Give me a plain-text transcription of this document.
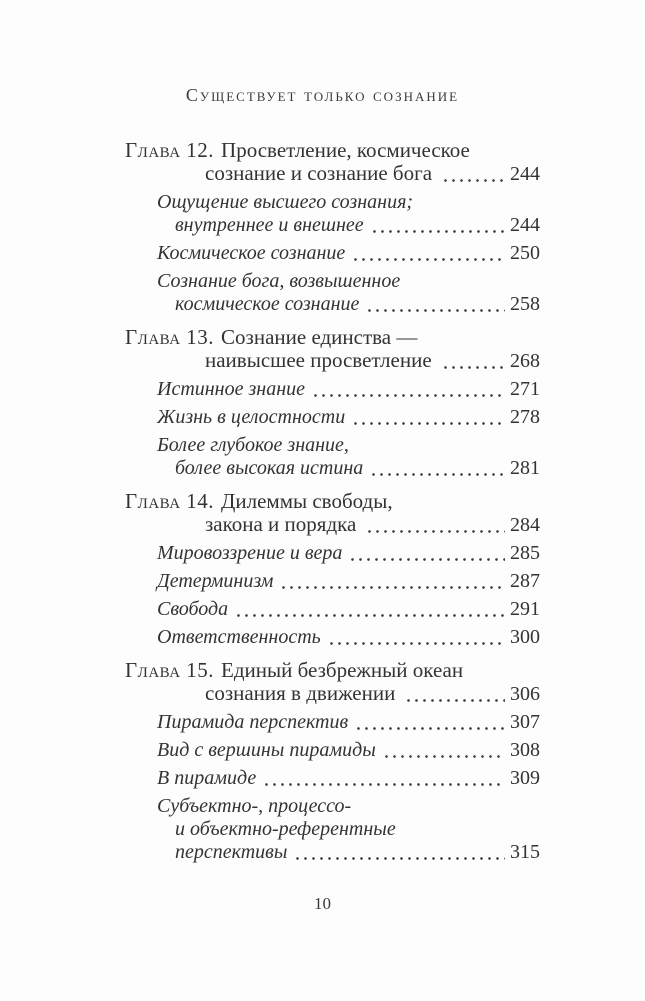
Существует только сознание
Глава 12. Просветление, космическое
сознание и сознание бога	244
Ощущение высшего сознания;
внутреннее и внешнее	244
Космическое сознание	250
Сознание бога, возвышенное
космическое сознание	258
Глава 13. Сознание единства —
наивысшее просветление	268
Истинное знание	271
Жизнь в целостности	278
Более глубокое знание,
более высокая истина	281
Глава 14. Дилеммы свободы,
закона и порядка	284
Мировоззрение и вера	285
Детерминизм	287
Свобода	291
Ответственность	300
Глава 15. Единый безбрежный океан
сознания в движении	306
Пирамида перспектив	307
Вид с вершины пирамиды	308
В пирамиде	309
Субъектно-, процессо-
и объектно-референтные
перспективы	315
10
